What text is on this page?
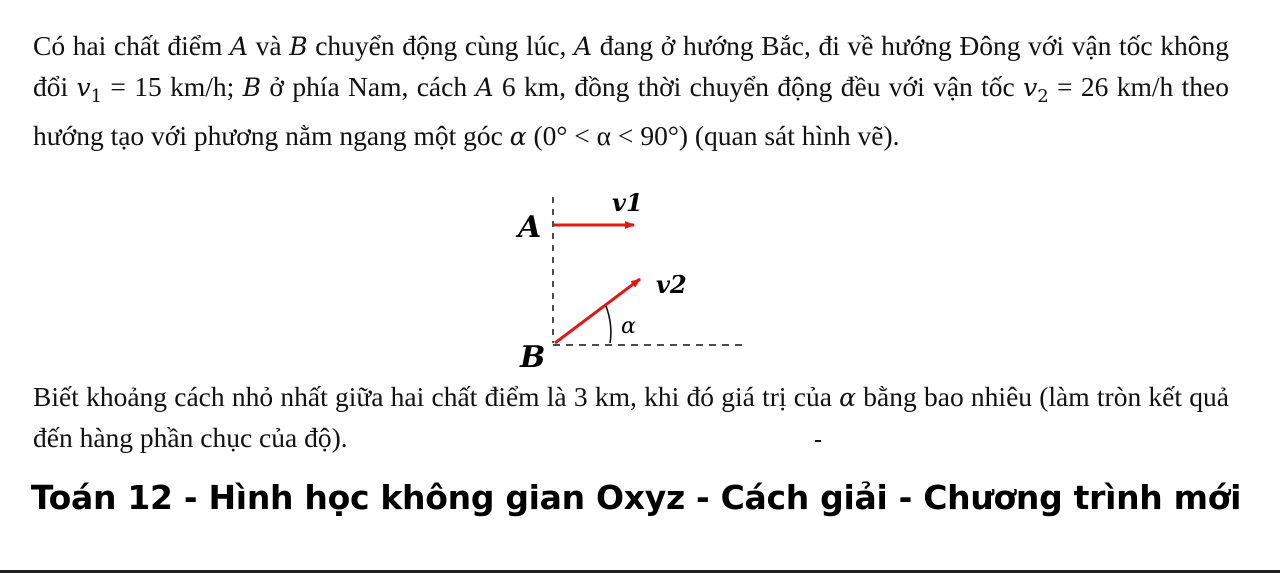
Có hai chất điểm A và B chuyển động cùng lúc, A đang ở hướng Bắc, đi về hướng Đông với vận tốc không đổi $v_1 = 15$ km/h; B ở phía Nam, cách A 6 km, đồng thời chuyển động đều với vận tốc $v_2 = 26$ km/h theo hướng tạo với phương nằm ngang một góc α (0° < α < 90°) (quan sát hình vẽ).

A
B
v1
v2
α

Biết khoảng cách nhỏ nhất giữa hai chất điểm là 3 km, khi đó giá trị của α bằng bao nhiêu (làm tròn kết quả đến hàng phần chục của độ).

Toán 12 - Hình học không gian Oxyz - Cách giải - Chương trình mới
